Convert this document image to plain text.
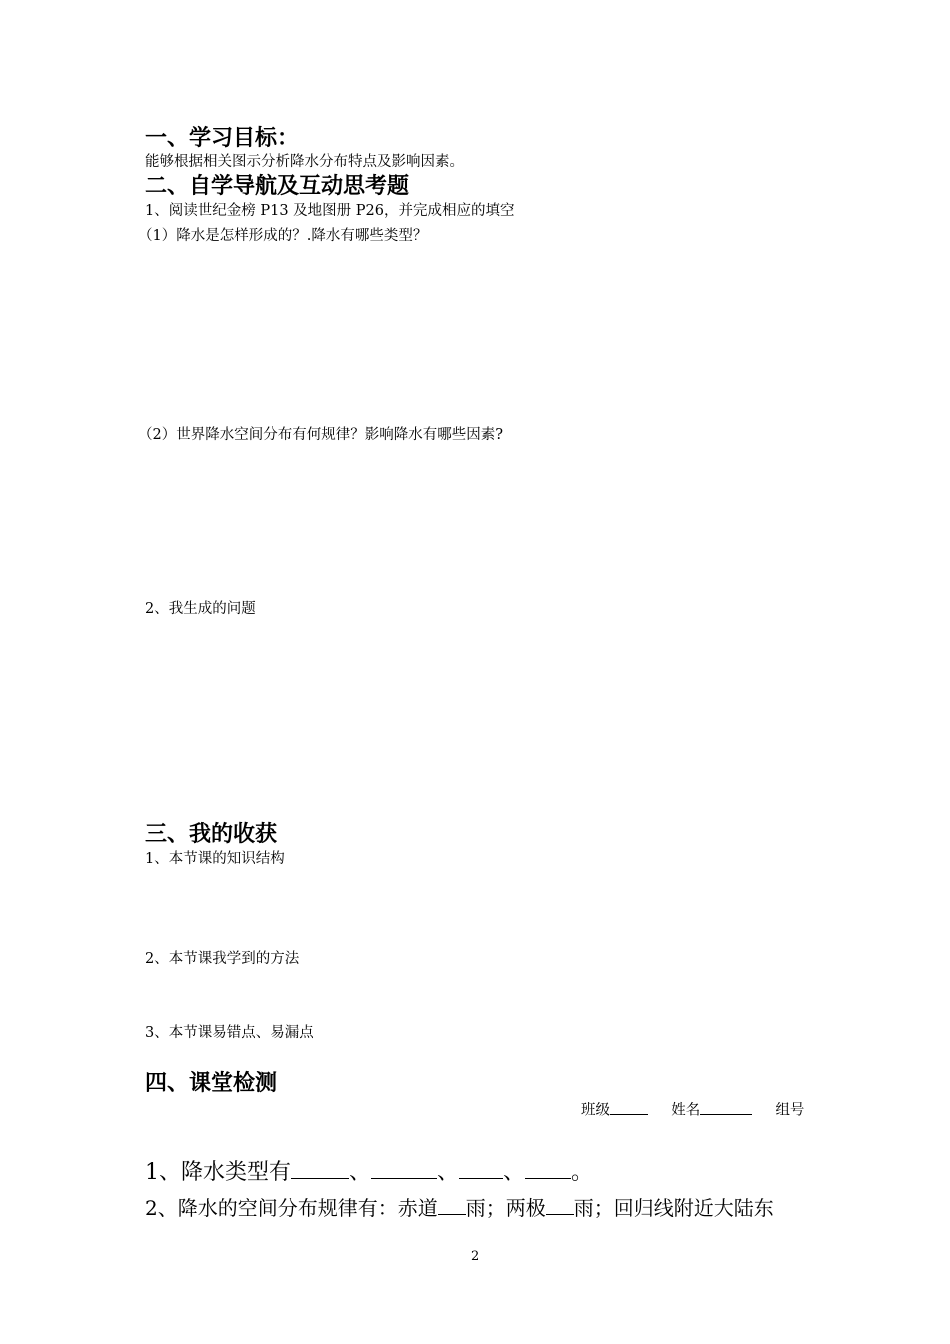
一、学习目标：
能够根据相关图示分析降水分布特点及影响因素。
二、自学导航及互动思考题
1、阅读世纪金榜 P13 及地图册 P26，并完成相应的填空
（1）降水是怎样形成的？.降水有哪些类型？
（2）世界降水空间分布有何规律？影响降水有哪些因素?
2、我生成的问题
三、我的收获
1、本节课的知识结构
2、本节课我学到的方法
3、本节课易错点、易漏点
四、课堂检测
班级	姓名	组号
1、降水类型有	、	、 、 。
2、降水的空间分布规律有：赤道 雨；两极 雨；回归线附近大陆东
2
